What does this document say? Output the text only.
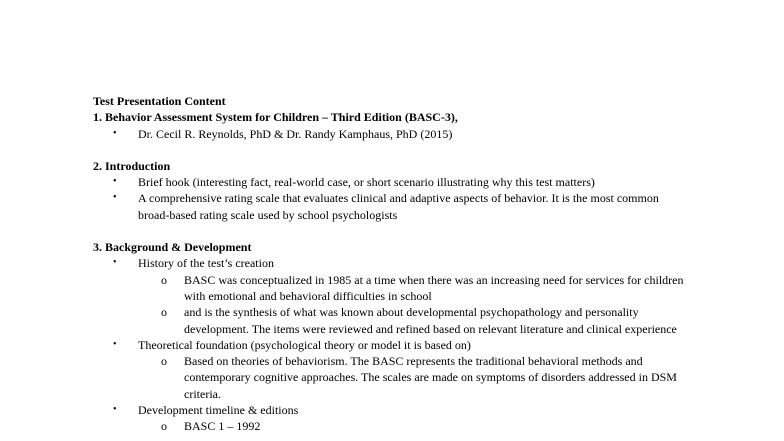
Test Presentation Content
1. Behavior Assessment System for Children – Third Edition (BASC-3),
• Dr. Cecil R. Reynolds, PhD & Dr. Randy Kamphaus, PhD (2015)
2. Introduction
• Brief hook (interesting fact, real-world case, or short scenario illustrating why this test matters)
• A comprehensive rating scale that evaluates clinical and adaptive aspects of behavior. It is the most common broad-based rating scale used by school psychologists
3. Background & Development
• History of the test’s creation
o BASC was conceptualized in 1985 at a time when there was an increasing need for services for children with emotional and behavioral difficulties in school
o and is the synthesis of what was known about developmental psychopathology and personality development. The items were reviewed and refined based on relevant literature and clinical experience
• Theoretical foundation (psychological theory or model it is based on)
o Based on theories of behaviorism. The BASC represents the traditional behavioral methods and contemporary cognitive approaches. The scales are made on symptoms of disorders addressed in DSM criteria.
• Development timeline & editions
o BASC 1 – 1992
